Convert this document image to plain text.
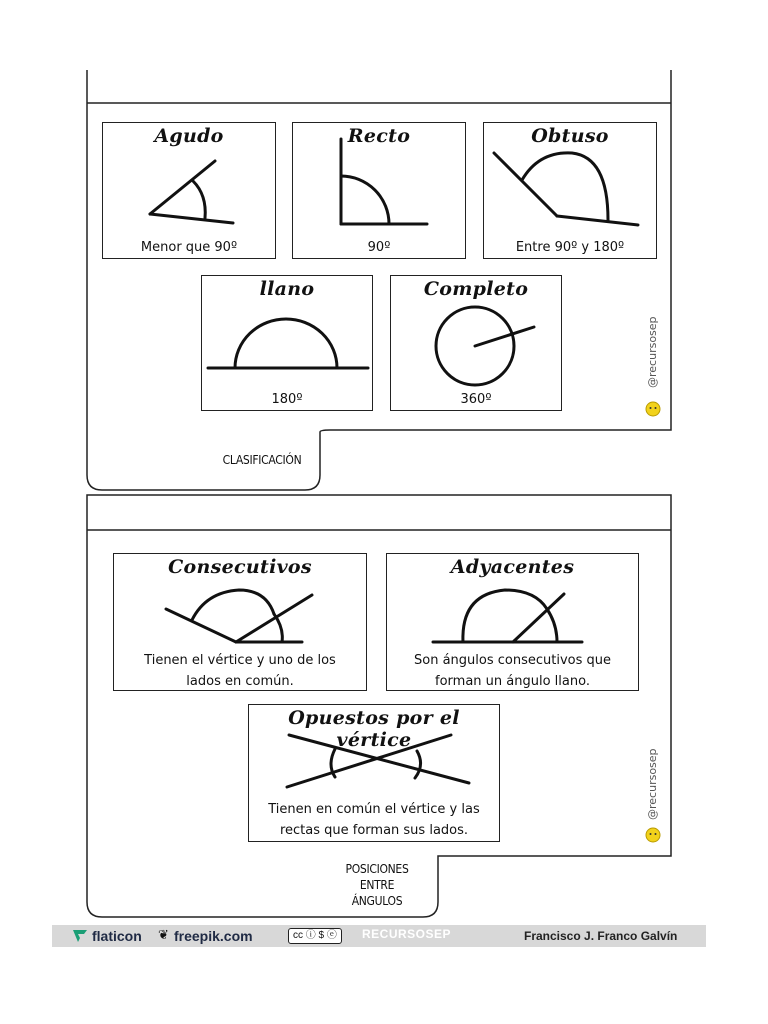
Agudo
Menor que 90º
Recto
90º
Obtuso
Entre 90º y 180º
llano
180º
Completo
360º
CLASIFICACIÓN
@recursosep
Consecutivos
Tienen el vértice y uno de los
lados en común.
Adyacentes
Son ángulos consecutivos que
forman un ángulo llano.
Opuestos por el vértice
Tienen en común el vértice y las
rectas que forman sus lados.
POSICIONES
ENTRE
ÁNGULOS
@recursosep
flaticon ❦ freepik.com	cc ⓘ $ ⓔ	RECURSOSEP	Francisco J. Franco Galvín
